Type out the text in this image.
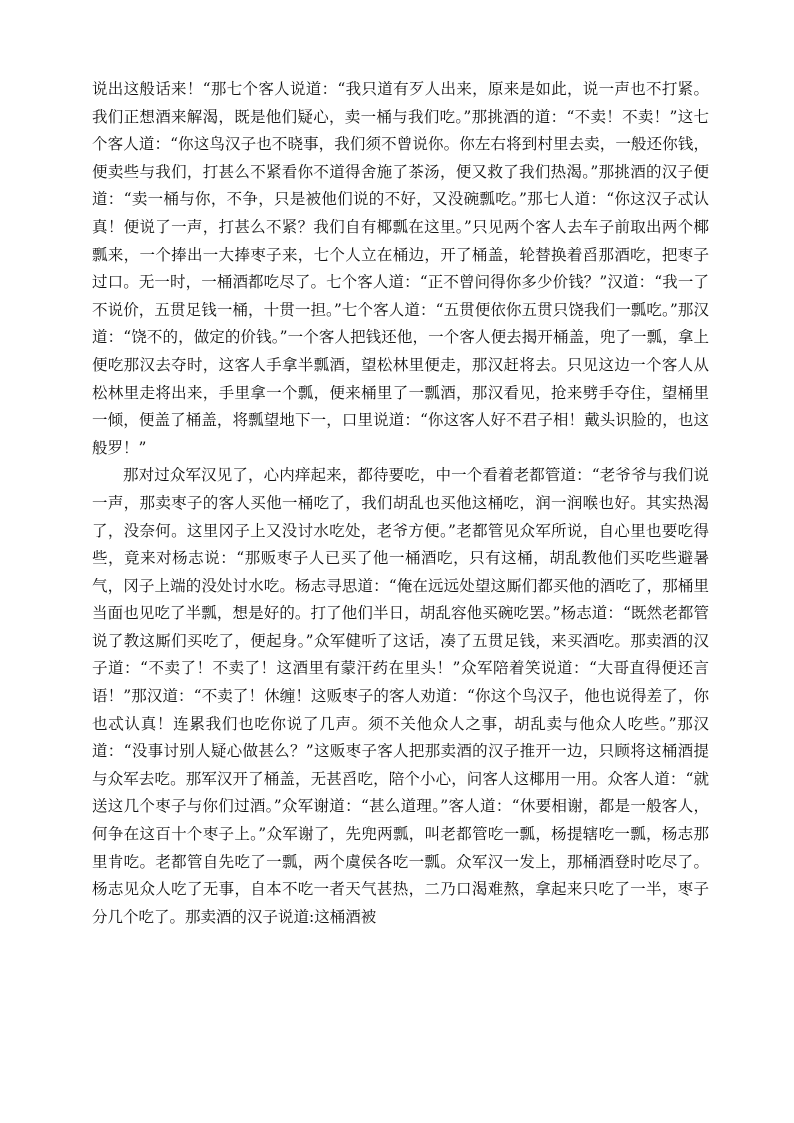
说出这般话来！“那七个客人说道：“我只道有歹人出来，原来是如此，说一声也不打紧。我们正想酒来解渴，既是他们疑心，卖一桶与我们吃。”那挑酒的道：“不卖！不卖！”这七个客人道：“你这鸟汉子也不晓事，我们须不曾说你。你左右将到村里去卖，一般还你钱，便卖些与我们，打甚么不紧看你不道得舍施了茶汤，便又救了我们热渴。”那挑酒的汉子便道：“卖一桶与你，不争，只是被他们说的不好，又没碗瓢吃。”那七人道：“你这汉子忒认真！便说了一声，打甚么不紧？我们自有椰瓢在这里。”只见两个客人去车子前取出两个椰瓢来，一个捧出一大捧枣子来，七个人立在桶边，开了桶盖，轮替换着舀那酒吃，把枣子过口。无一时，一桶酒都吃尽了。七个客人道：“正不曾问得你多少价钱？”汉道：“我一了不说价，五贯足钱一桶，十贯一担。”七个客人道：“五贯便依你五贯只饶我们一瓢吃。”那汉道：“饶不的，做定的价钱。”一个客人把钱还他，一个客人便去揭开桶盖，兜了一瓢，拿上便吃那汉去夺时，这客人手拿半瓢酒，望松林里便走，那汉赶将去。只见这边一个客人从松林里走将出来，手里拿一个瓢，便来桶里了一瓢酒，那汉看见，抢来劈手夺住，望桶里一倾，便盖了桶盖，将瓢望地下一，口里说道：“你这客人好不君子相！戴头识脸的，也这般罗！”

那对过众军汉见了，心内痒起来，都待要吃，中一个看着老都管道：“老爷爷与我们说一声，那卖枣子的客人买他一桶吃了，我们胡乱也买他这桶吃，润一润喉也好。其实热渴了，没奈何。这里冈子上又没讨水吃处，老爷方便。”老都管见众军所说，自心里也要吃得些，竟来对杨志说：“那贩枣子人已买了他一桶酒吃，只有这桶，胡乱教他们买吃些避暑气，冈子上端的没处讨水吃。杨志寻思道：“俺在远远处望这厮们都买他的酒吃了，那桶里当面也见吃了半瓢，想是好的。打了他们半日，胡乱容他买碗吃罢。”杨志道：“既然老都管说了教这厮们买吃了，便起身。”众军健听了这话，凑了五贯足钱，来买酒吃。那卖酒的汉子道：“不卖了！不卖了！这酒里有蒙汗药在里头！”众军陪着笑说道：“大哥直得便还言语！”那汉道：“不卖了！休缠！这贩枣子的客人劝道：“你这个鸟汉子，他也说得差了，你也忒认真！连累我们也吃你说了几声。须不关他众人之事，胡乱卖与他众人吃些。”那汉道：“没事讨别人疑心做甚么？”这贩枣子客人把那卖酒的汉子推开一边，只顾将这桶酒提与众军去吃。那军汉开了桶盖，无甚舀吃，陪个小心，问客人这椰用一用。众客人道：“就送这几个枣子与你们过酒。”众军谢道：“甚么道理。”客人道：“休要相谢，都是一般客人，何争在这百十个枣子上。”众军谢了，先兜两瓢，叫老都管吃一瓢，杨提辖吃一瓢，杨志那里肯吃。老都管自先吃了一瓢，两个虞侯各吃一瓢。众军汉一发上，那桶酒登时吃尽了。杨志见众人吃了无事，自本不吃一者天气甚热，二乃口渴难熬，拿起来只吃了一半，枣子分几个吃了。那卖酒的汉子说道:这桶酒被
